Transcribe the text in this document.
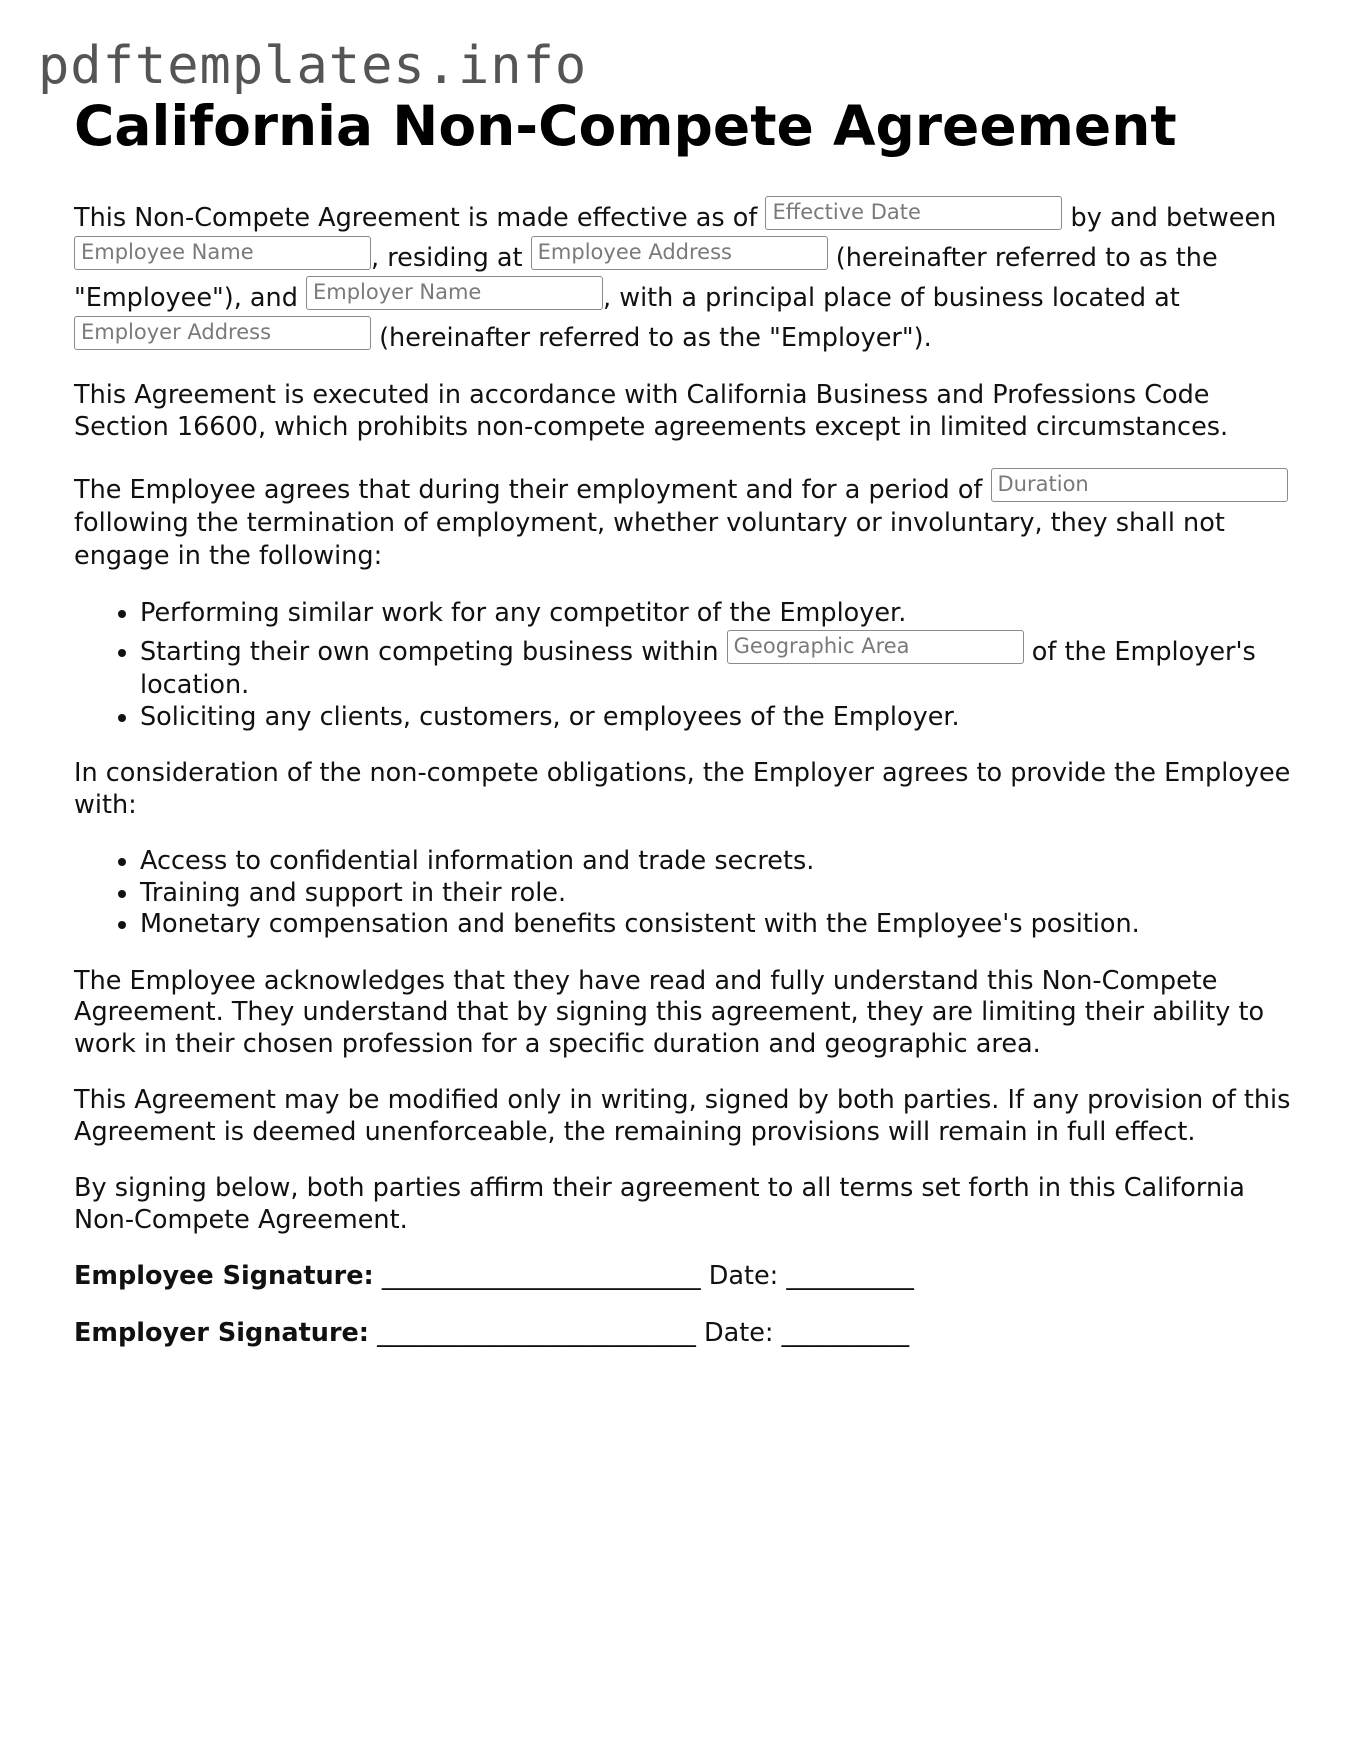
pdftemplates.info
California Non-Compete Agreement

This Non-Compete Agreement is made effective as of Effective Date	by and between Employee Name	, residing at Employee Address	(hereinafter referred to as the "Employee"), and Employer Name	, with a principal place of business located at Employer Address	(hereinafter referred to as the "Employer").

This Agreement is executed in accordance with California Business and Professions Code Section 16600, which prohibits non-compete agreements except in limited circumstances.

The Employee agrees that during their employment and for a period of Duration following the termination of employment, whether voluntary or involuntary, they shall not engage in the following:

• Performing similar work for any competitor of the Employer.
• Starting their own competing business within Geographic Area	of the Employer's location.
• Soliciting any clients, customers, or employees of the Employer.

In consideration of the non-compete obligations, the Employer agrees to provide the Employee with:

• Access to confidential information and trade secrets.
• Training and support in their role.
• Monetary compensation and benefits consistent with the Employee's position.

The Employee acknowledges that they have read and fully understand this Non-Compete Agreement. They understand that by signing this agreement, they are limiting their ability to work in their chosen profession for a specific duration and geographic area.

This Agreement may be modified only in writing, signed by both parties. If any provision of this Agreement is deemed unenforceable, the remaining provisions will remain in full effect.

By signing below, both parties affirm their agreement to all terms set forth in this California Non-Compete Agreement.

Employee Signature: _________________________ Date: __________
Employer Signature: _________________________ Date: __________
